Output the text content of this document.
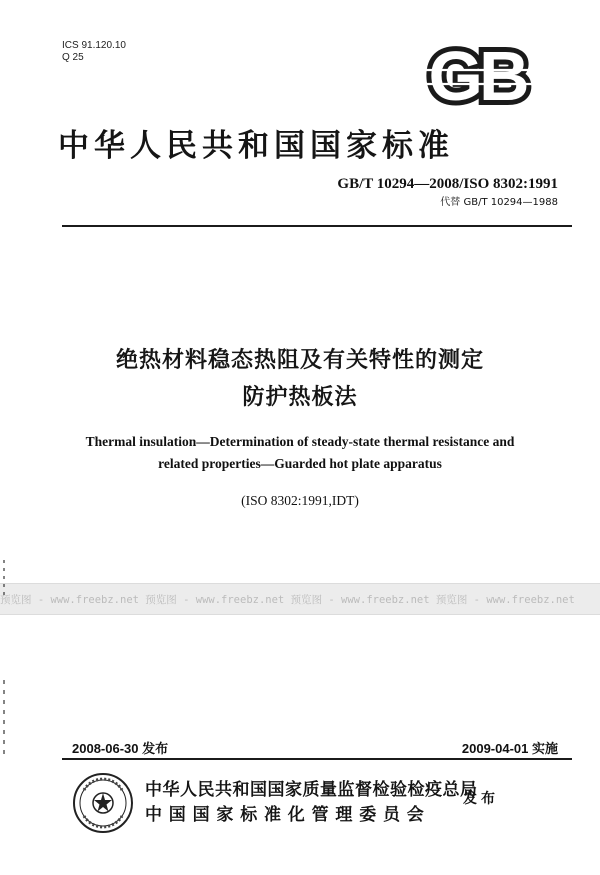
ICS 91.120.10
Q 25	GB
中华人民共和国国家标准
GB/T 10294—2008/ISO 8302:1991
代替 GB/T 10294—1988
绝热材料稳态热阻及有关特性的测定
防护热板法
Thermal insulation—Determination of steady-state thermal resistance and
related properties—Guarded hot plate apparatus
(ISO 8302:1991,IDT)
预览图 - www.freebz.net 预览图 - www.freebz.net 预览图 - www.freebz.net 预览图 - www.freebz.net
2008-06-30 发布	2009-04-01 实施
中华人民共和国国家质量监督检验检疫总局
中国国家标准化管理委员会
发布
